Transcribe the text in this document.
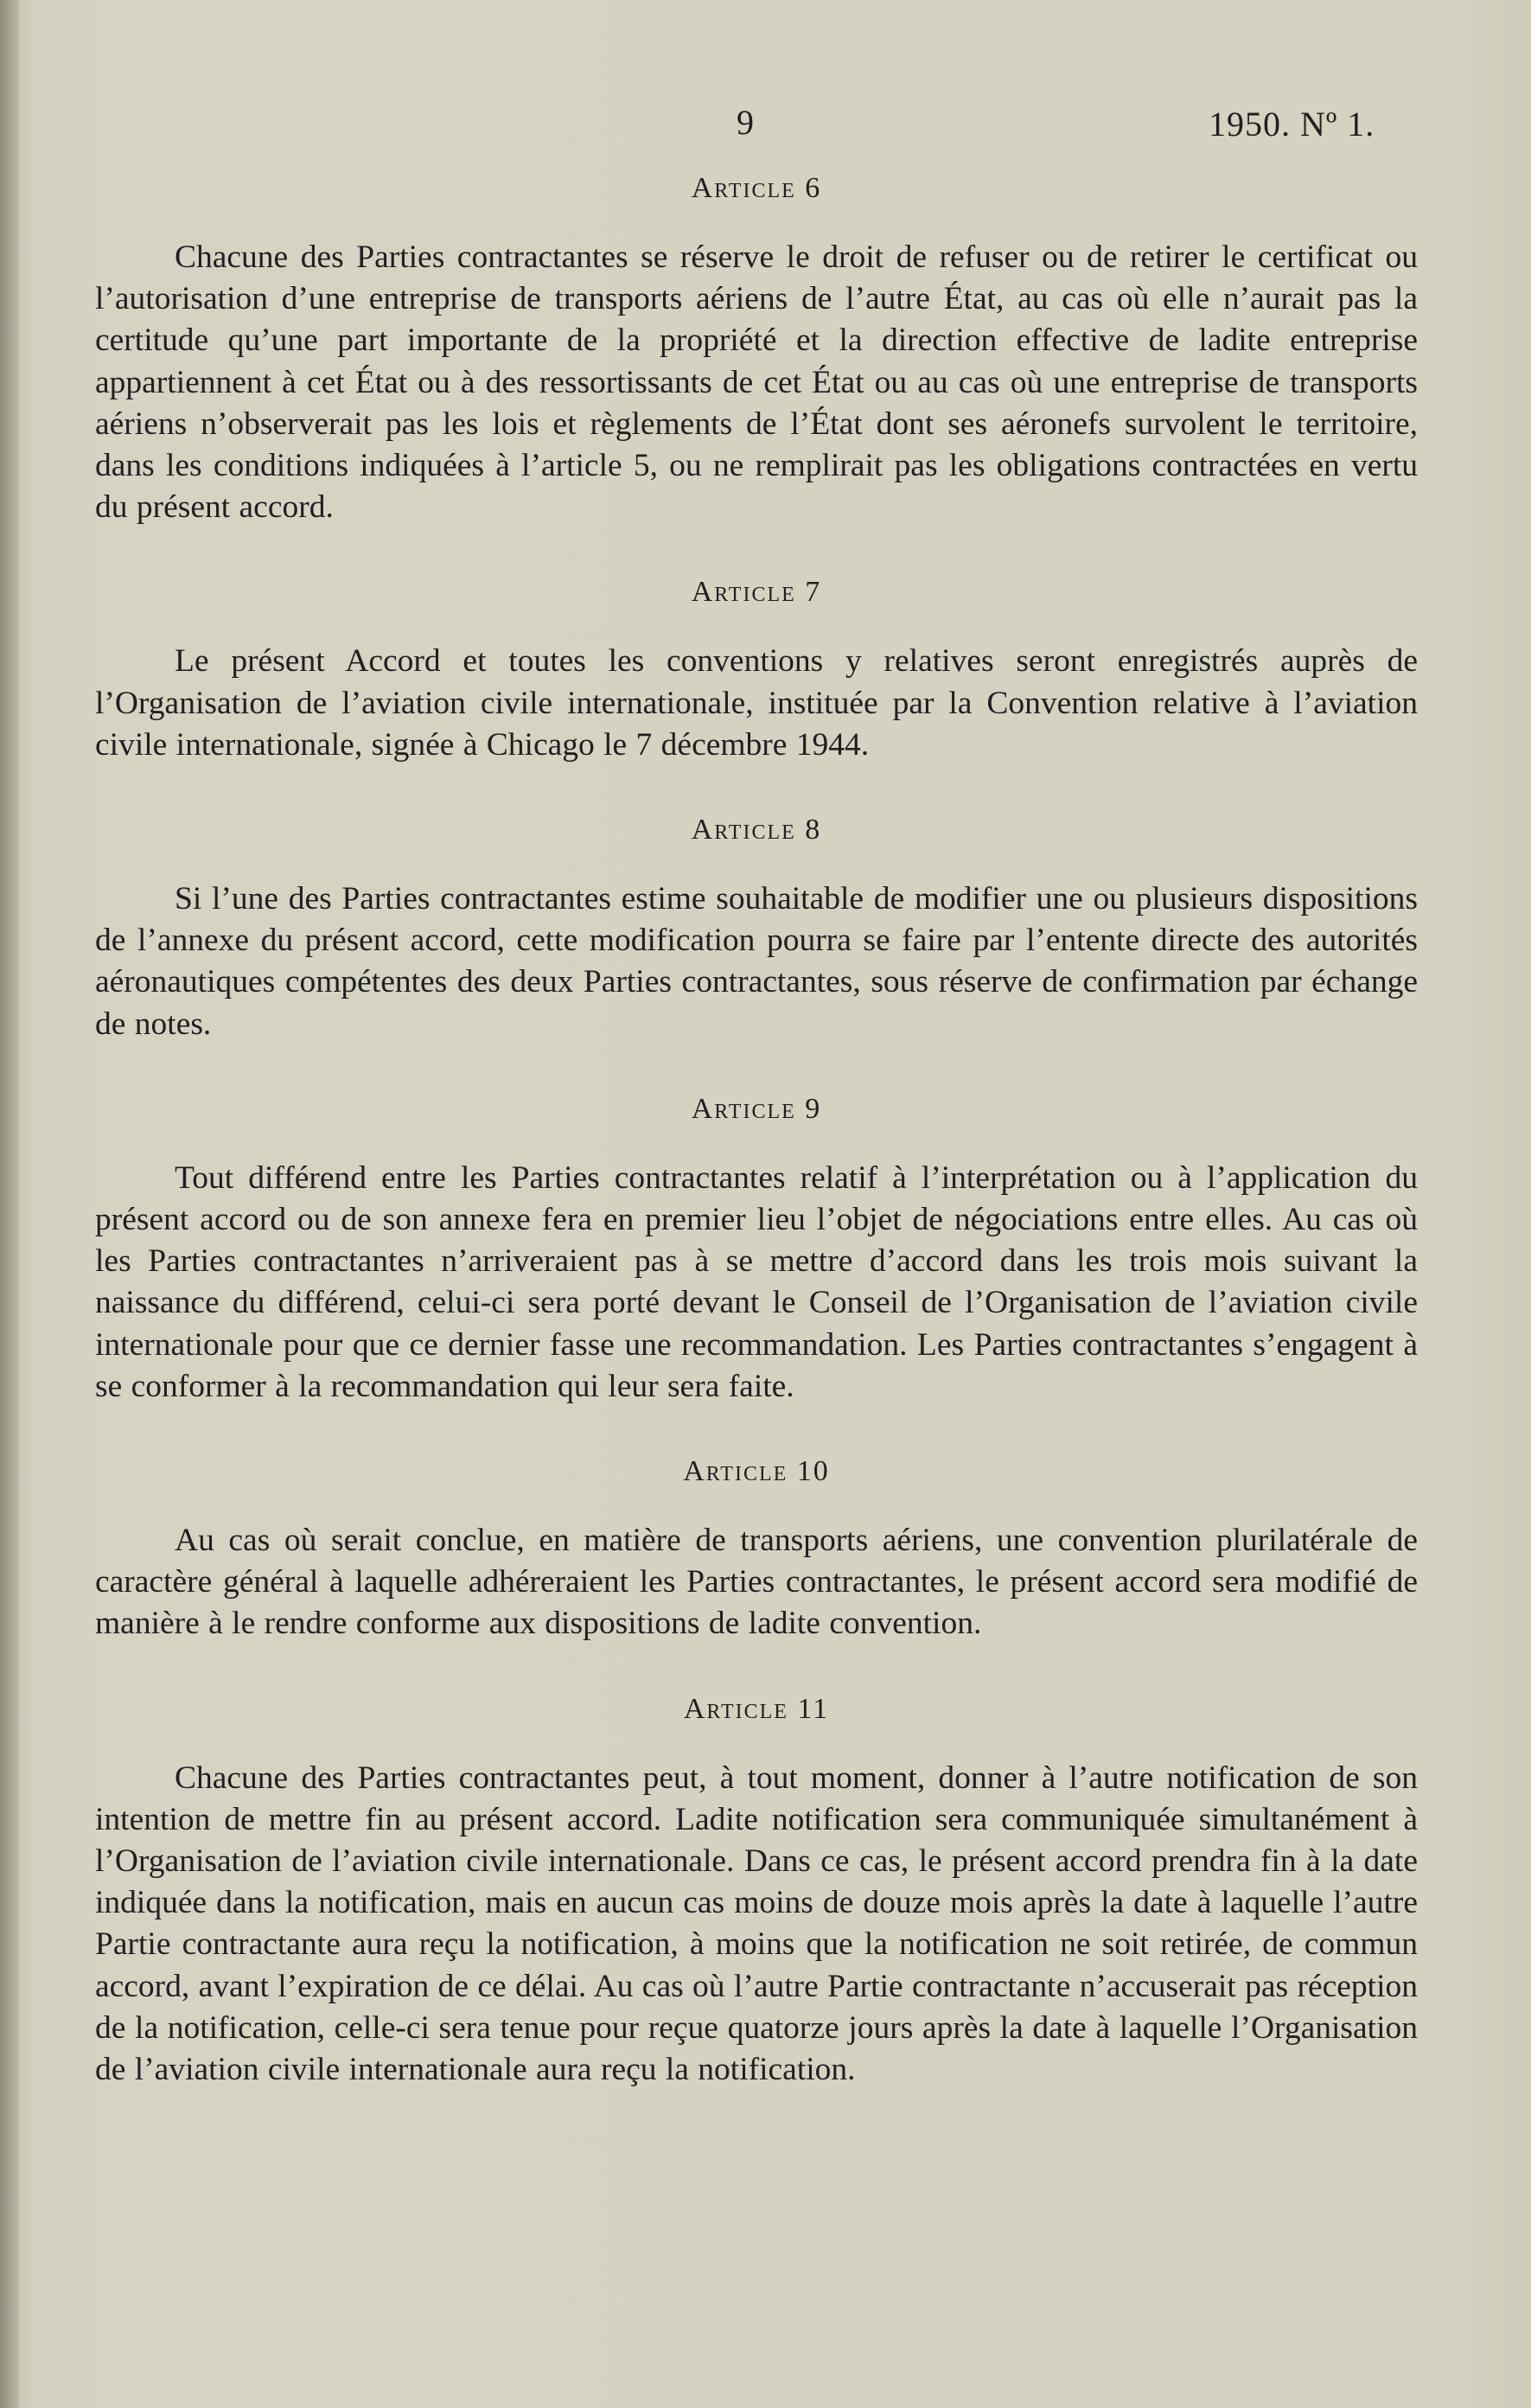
9	1950. Nº 1.
Article 6

Chacune des Parties contractantes se réserve le droit de refuser ou de retirer le certificat ou l’autorisation d’une entreprise de transports aériens de l’autre État, au cas où elle n’aurait pas la certitude qu’une part importante de la propriété et la direction effective de ladite entreprise appartiennent à cet État ou à des ressortissants de cet État ou au cas où une entreprise de transports aériens n’observerait pas les lois et règlements de l’État dont ses aéronefs survolent le territoire, dans les conditions indiquées à l’article 5, ou ne remplirait pas les obligations contractées en vertu du présent accord.

Article 7

Le présent Accord et toutes les conventions y relatives seront enregistrés auprès de l’Organisation de l’aviation civile internationale, instituée par la Convention relative à l’aviation civile internationale, signée à Chicago le 7 décembre 1944.

Article 8

Si l’une des Parties contractantes estime souhaitable de modifier une ou plusieurs dispositions de l’annexe du présent accord, cette modification pourra se faire par l’entente directe des autorités aéronautiques compétentes des deux Parties contractantes, sous réserve de confirmation par échange de notes.

Article 9

Tout différend entre les Parties contractantes relatif à l’interprétation ou à l’application du présent accord ou de son annexe fera en premier lieu l’objet de négociations entre elles. Au cas où les Parties contractantes n’arriveraient pas à se mettre d’accord dans les trois mois suivant la naissance du différend, celui-ci sera porté devant le Conseil de l’Organisation de l’aviation civile internationale pour que ce dernier fasse une recommandation. Les Parties contractantes s’engagent à se conformer à la recommandation qui leur sera faite.

Article 10

Au cas où serait conclue, en matière de transports aériens, une convention plurilatérale de caractère général à laquelle adhéreraient les Parties contractantes, le présent accord sera modifié de manière à le rendre conforme aux dispositions de ladite convention.

Article 11

Chacune des Parties contractantes peut, à tout moment, donner à l’autre notification de son intention de mettre fin au présent accord. Ladite notification sera communiquée simultanément à l’Organisation de l’aviation civile internationale. Dans ce cas, le présent accord prendra fin à la date indiquée dans la notification, mais en aucun cas moins de douze mois après la date à laquelle l’autre Partie contractante aura reçu la notification, à moins que la notification ne soit retirée, de commun accord, avant l’expiration de ce délai. Au cas où l’autre Partie contractante n’accuserait pas réception de la notification, celle-ci sera tenue pour reçue quatorze jours après la date à laquelle l’Organisation de l’aviation civile internationale aura reçu la notification.
